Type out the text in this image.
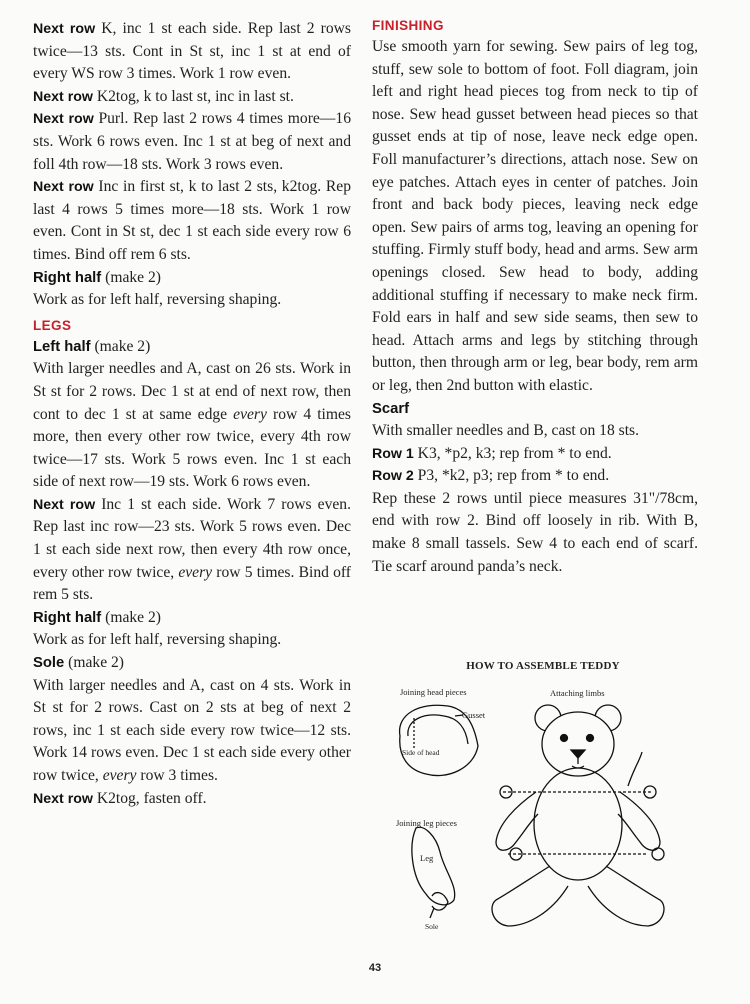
Next row K, inc 1 st each side. Rep last 2 rows twice—13 sts. Cont in St st, inc 1 st at end of every WS row 3 times. Work 1 row even.

Next row K2tog, k to last st, inc in last st.

Next row Purl. Rep last 2 rows 4 times more—16 sts. Work 6 rows even. Inc 1 st at beg of next and foll 4th row—18 sts. Work 3 rows even.

Next row Inc in first st, k to last 2 sts, k2tog. Rep last 4 rows 5 times more—18 sts. Work 1 row even. Cont in St st, dec 1 st each side every row 6 times. Bind off rem 6 sts.

Right half (make 2)

Work as for left half, reversing shaping.

LEGS

Left half (make 2)

With larger needles and A, cast on 26 sts. Work in St st for 2 rows. Dec 1 st at end of next row, then cont to dec 1 st at same edge every row 4 times more, then every other row twice, every 4th row twice—17 sts. Work 5 rows even. Inc 1 st each side of next row—19 sts. Work 6 rows even.

Next row Inc 1 st each side. Work 7 rows even. Rep last inc row—23 sts. Work 5 rows even. Dec 1 st each side next row, then every 4th row once, every other row twice, every row 5 times. Bind off rem 5 sts.

Right half (make 2)

Work as for left half, reversing shaping.

Sole (make 2)

With larger needles and A, cast on 4 sts. Work in St st for 2 rows. Cast on 2 sts at beg of next 2 rows, inc 1 st each side every row twice—12 sts. Work 14 rows even. Dec 1 st each side every other row twice, every row 3 times.

Next row K2tog, fasten off.

FINISHING

Use smooth yarn for sewing. Sew pairs of leg tog, stuff, sew sole to bottom of foot. Foll diagram, join left and right head pieces tog from neck to tip of nose. Sew head gusset between head pieces so that gusset ends at tip of nose, leave neck edge open. Foll manufacturer’s directions, attach nose. Sew on eye patches. Attach eyes in center of patches. Join front and back body pieces, leaving neck edge open. Sew pairs of arms tog, leaving an opening for stuffing. Firmly stuff body, head and arms. Sew arm openings closed. Sew head to body, adding additional stuffing if necessary to make neck firm. Fold ears in half and sew side seams, then sew to head. Attach arms and legs by stitching through button, then through arm or leg, bear body, rem arm or leg, then 2nd button with elastic.

Scarf

With smaller needles and B, cast on 18 sts.

Row 1 K3, *p2, k3; rep from * to end.

Row 2 P3, *k2, p3; rep from * to end.

Rep these 2 rows until piece measures 31"/78cm, end with row 2. Bind off loosely in rib. With B, make 8 small tassels. Sew 4 to each end of scarf. Tie scarf around panda’s neck.

HOW TO ASSEMBLE TEDDY
Joining head pieces	Attaching limbs
Gusset
Side of head
Joining leg pieces
Leg
Sole
43
